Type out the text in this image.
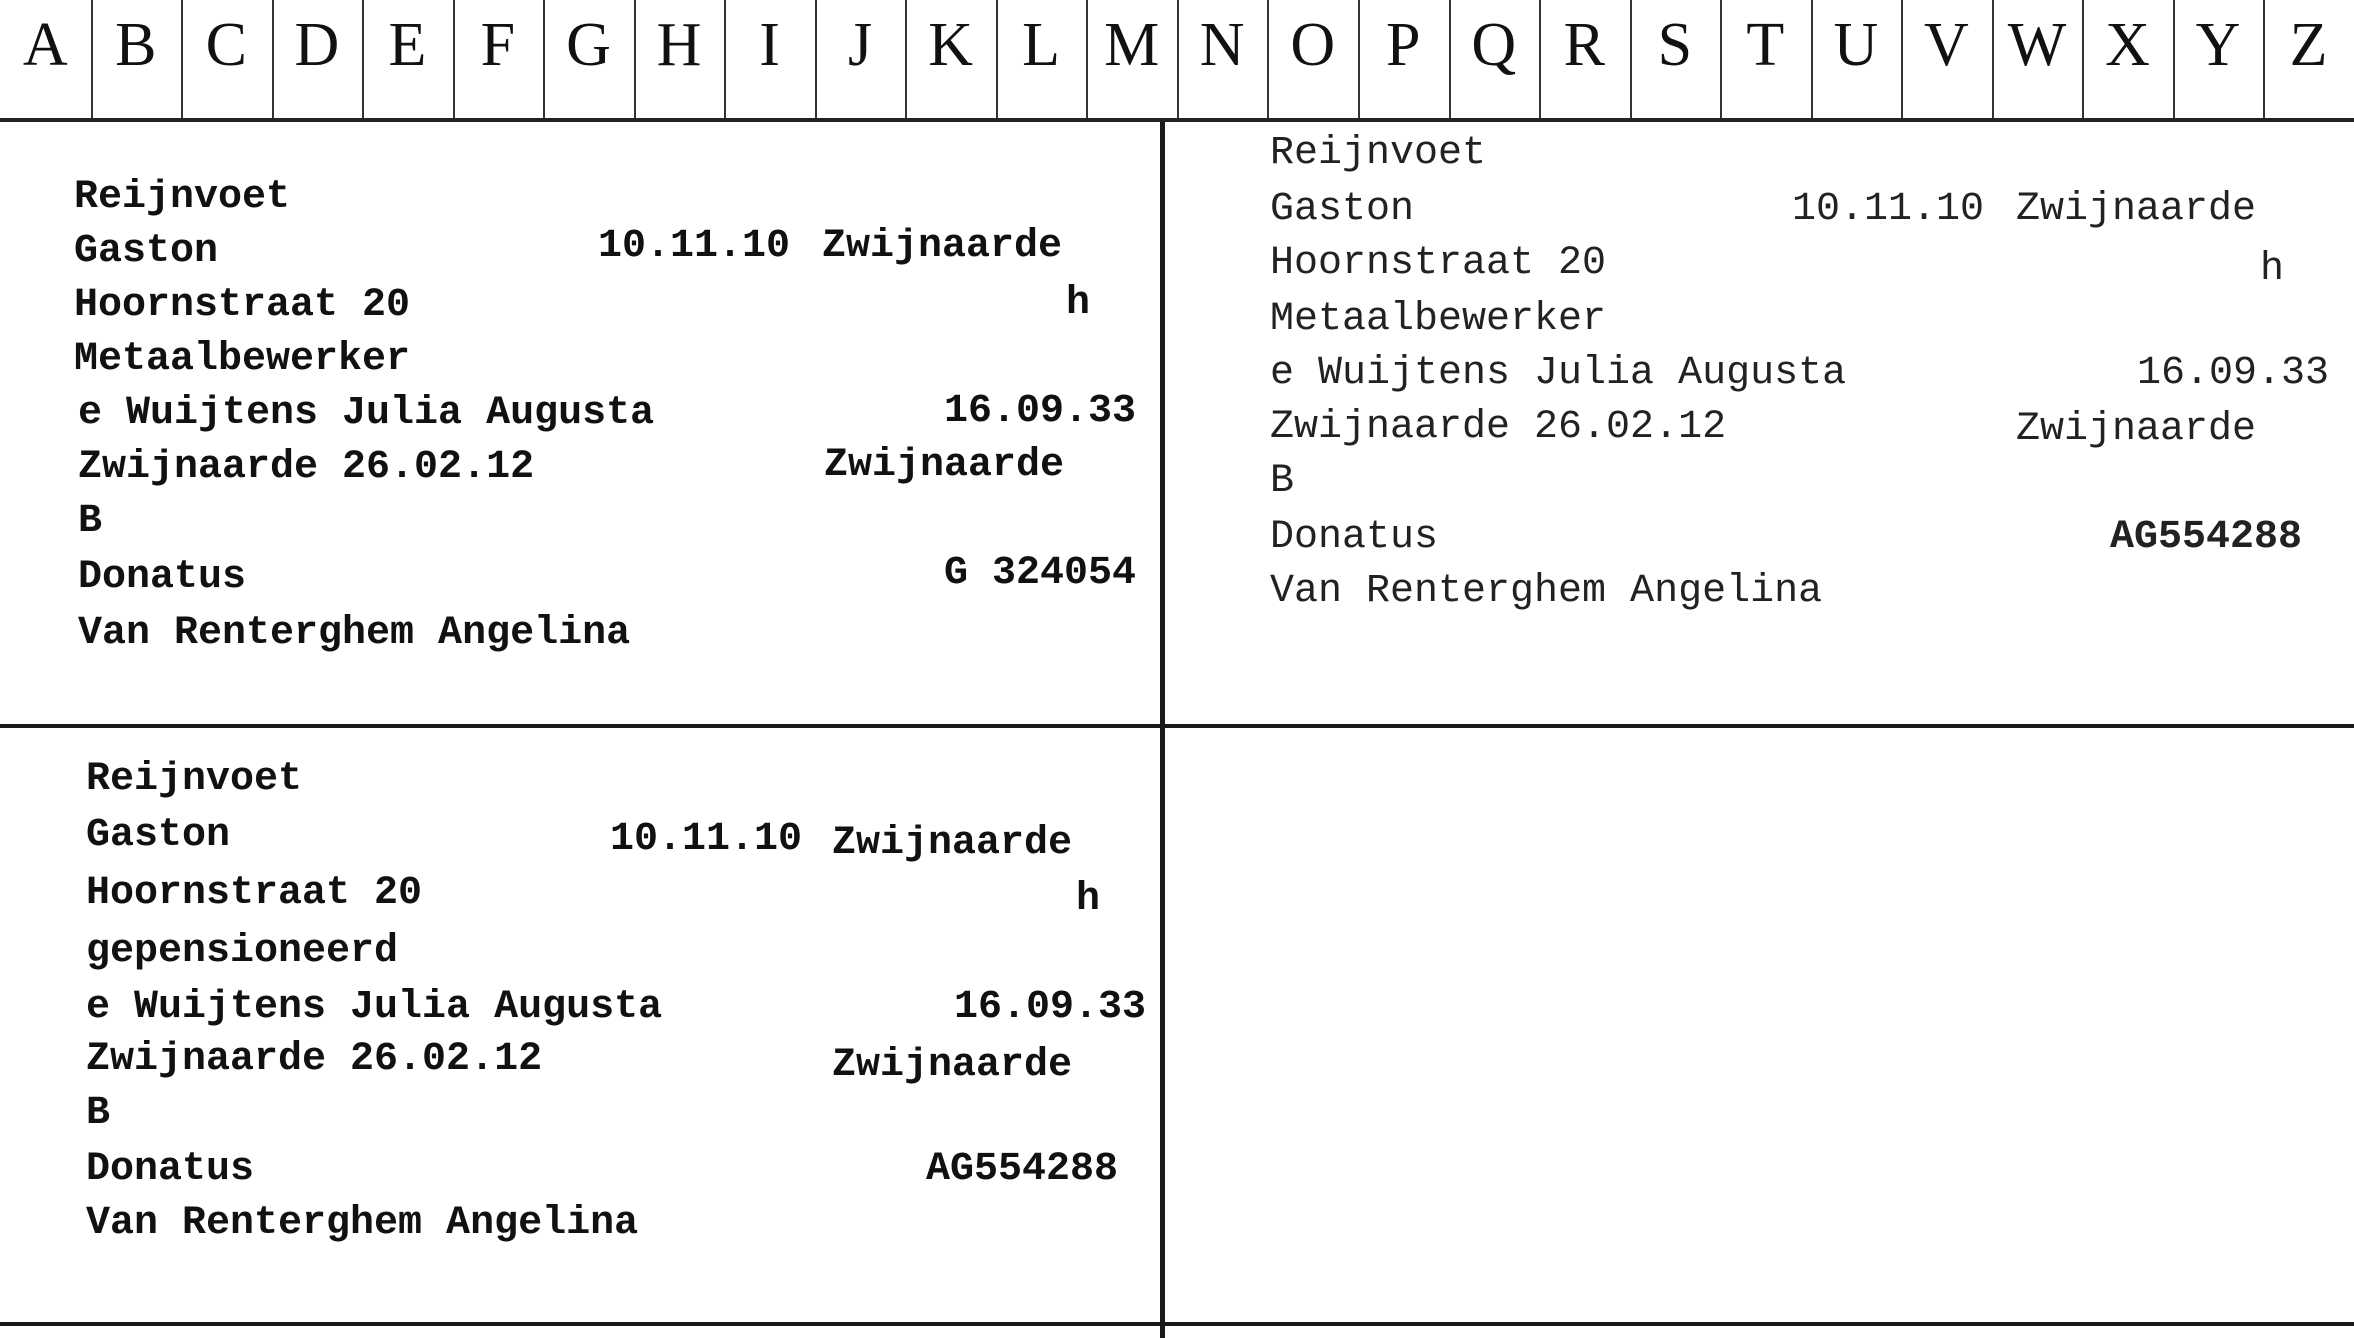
A B C D E F G H I	J K L M N O P Q R S T U V W X Y Z
Reijnvoet
Gaston	10.11.10 Zwijnaarde
Hoornstraat 20	h
Metaalbewerker
e Wuijtens Julia Augusta	16.09.33
Zwijnaarde 26.02.12	Zwijnaarde
B
Donatus	G 324054
Van Renterghem Angelina
Reijnvoet
Gaston	10.11.10 Zwijnaarde
Hoornstraat 20	h
Metaalbewerker
e Wuijtens Julia Augusta	16.09.33
Zwijnaarde 26.02.12	Zwijnaarde
B
Donatus	AG554288
Van Renterghem Angelina
Reijnvoet
Gaston	10.11.10 Zwijnaarde
Hoornstraat 20	h
gepensioneerd
e Wuijtens Julia Augusta	16.09.33
Zwijnaarde 26.02.12	Zwijnaarde
B
Donatus	AG554288
Van Renterghem Angelina
